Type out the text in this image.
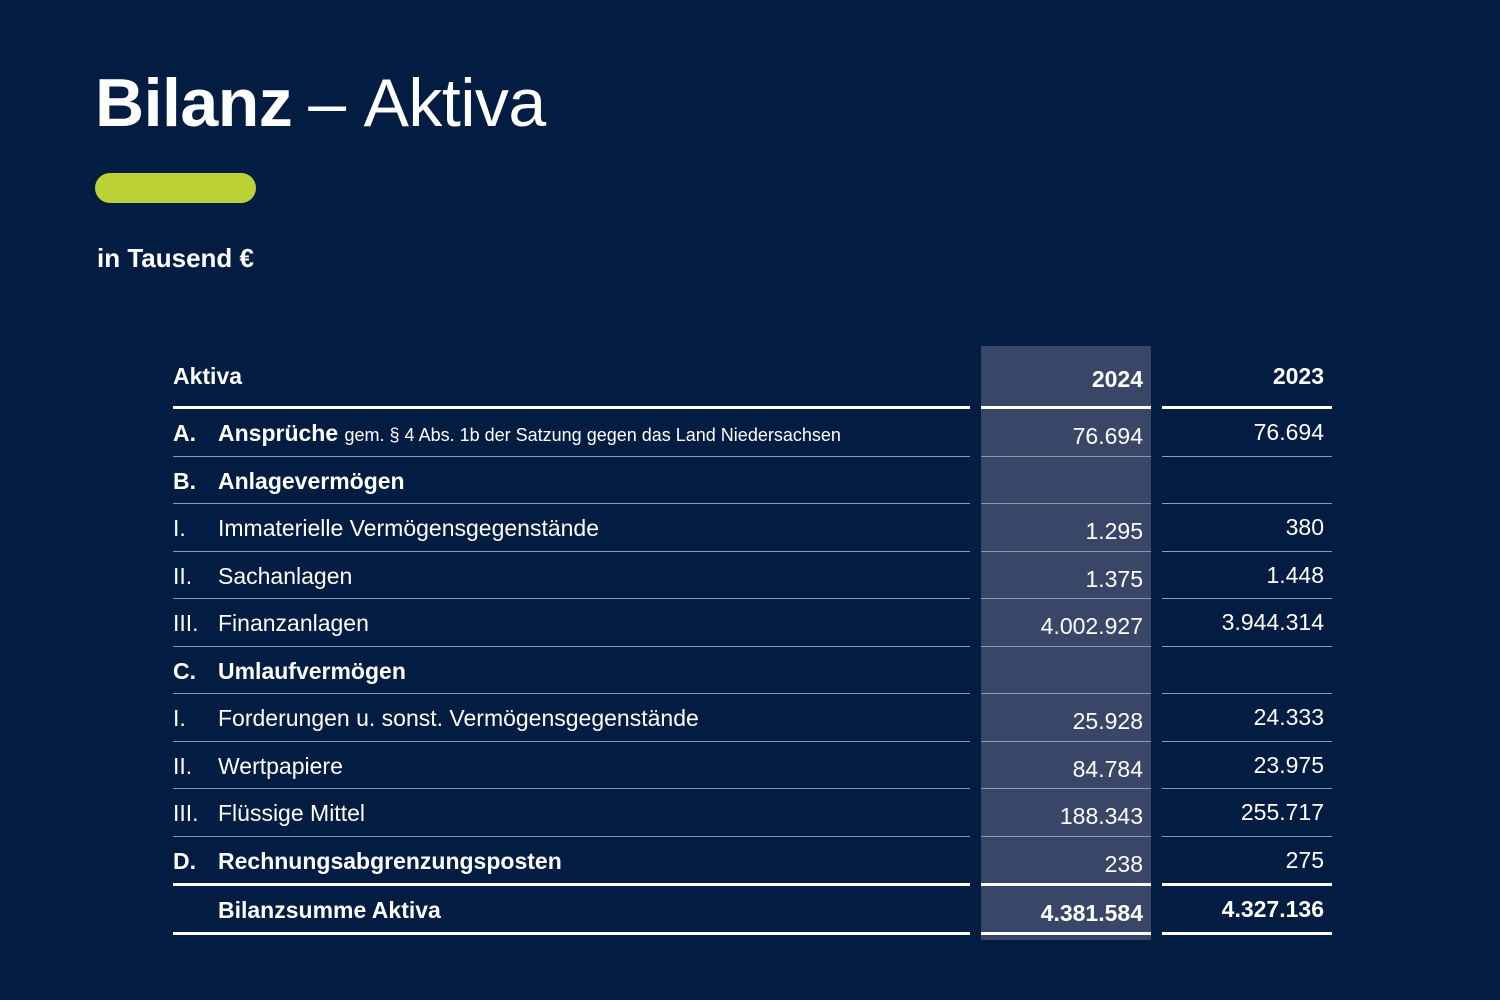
Bilanz – Aktiva
in Tausend €
Aktiva	2024	2023
A. Ansprüche gem. § 4 Abs. 1b der Satzung gegen das Land Niedersachsen	76.694	76.694
B. Anlagevermögen
I. Immaterielle Vermögensgegenstände	1.295	380
II. Sachanlagen	1.375	1.448
III. Finanzanlagen	4.002.927	3.944.314
C. Umlaufvermögen
I. Forderungen u. sonst. Vermögensgegenstände	25.928	24.333
II. Wertpapiere	84.784	23.975
III. Flüssige Mittel	188.343	255.717
D. Rechnungsabgrenzungsposten	238	275
Bilanzsumme Aktiva	4.381.584	4.327.136
